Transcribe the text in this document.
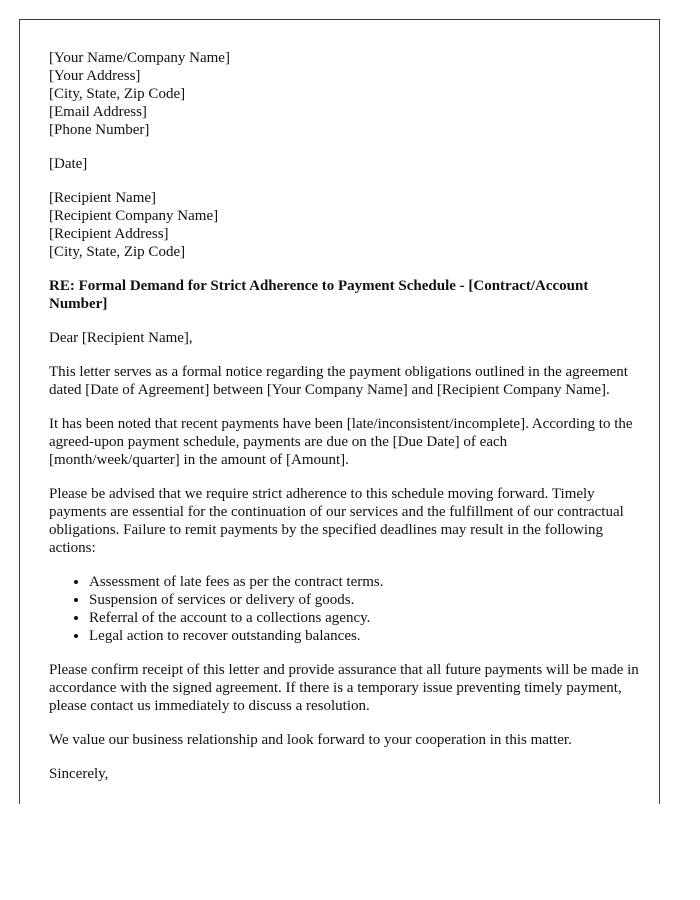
[Your Name/Company Name]
[Your Address]
[City, State, Zip Code]
[Email Address]
[Phone Number]
[Date]
[Recipient Name]
[Recipient Company Name]
[Recipient Address]
[City, State, Zip Code]
RE: Formal Demand for Strict Adherence to Payment Schedule - [Contract/Account Number]

Dear [Recipient Name],

This letter serves as a formal notice regarding the payment obligations outlined in the agreement dated [Date of Agreement] between [Your Company Name] and [Recipient Company Name].

It has been noted that recent payments have been [late/inconsistent/incomplete]. According to the agreed-upon payment schedule, payments are due on the [Due Date] of each [month/week/quarter] in the amount of [Amount].

Please be advised that we require strict adherence to this schedule moving forward. Timely payments are essential for the continuation of our services and the fulfillment of our contractual obligations. Failure to remit payments by the specified deadlines may result in the following actions:

• Assessment of late fees as per the contract terms.
• Suspension of services or delivery of goods.
• Referral of the account to a collections agency.
• Legal action to recover outstanding balances.

Please confirm receipt of this letter and provide assurance that all future payments will be made in accordance with the signed agreement. If there is a temporary issue preventing timely payment, please contact us immediately to discuss a resolution.

We value our business relationship and look forward to your cooperation in this matter.

Sincerely,
